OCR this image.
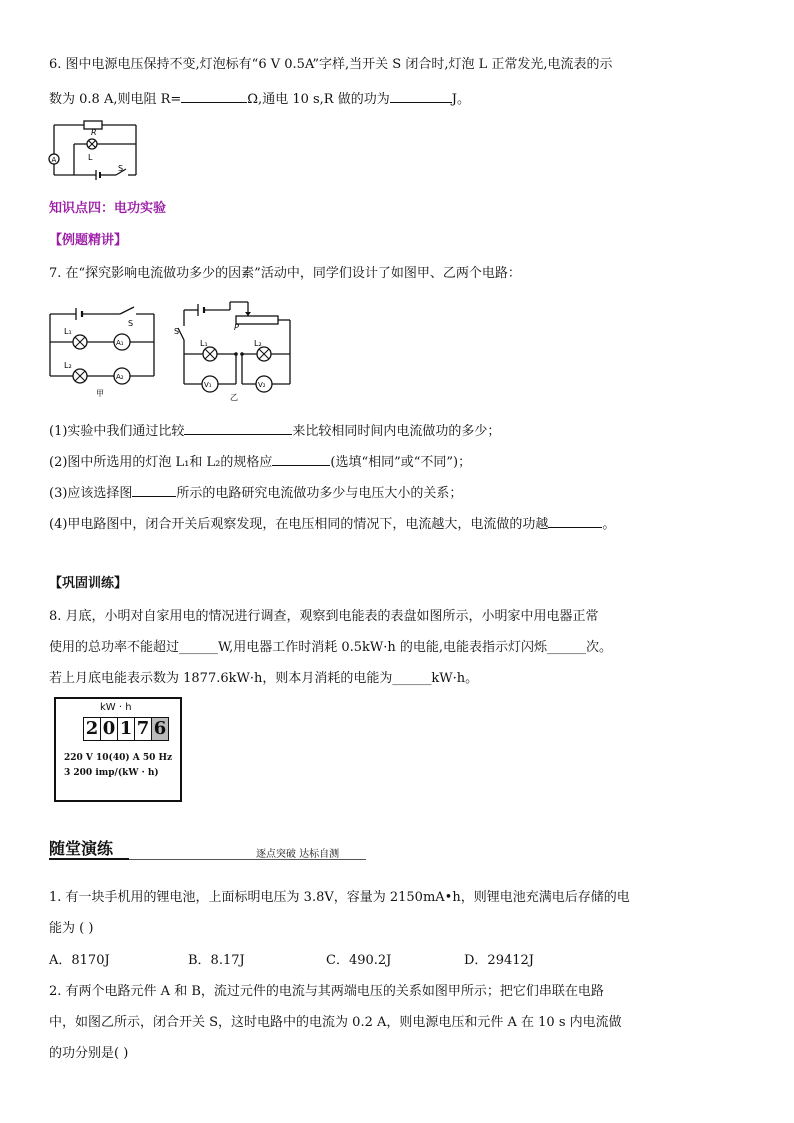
6. 图中电源电压保持不变,灯泡标有“6 V 0.5A”字样,当开关 S 闭合时,灯泡 L 正常发光,电流表的示
数为 0.8 A,则电阻 R=	Ω,通电 10 s,R 做的功为	J。
R
L
S
A
知识点四：电功实验
【例题精讲】
7. 在“探究影响电流做功多少的因素”活动中，同学们设计了如图甲、乙两个电路：
S
L₁
L₂
A₁
A₂
甲
S	P
L₁	L₂
V₁	V₂
乙
(1)实验中我们通过比较	来比较相同时间内电流做功的多少；
(2)图中所选用的灯泡 L₁和 L₂的规格应	(选填“相同”或“不同”)；
(3)应该选择图	所示的电路研究电流做功多少与电压大小的关系；
(4)甲电路图中，闭合开关后观察发现，在电压相同的情况下，电流越大，电流做的功越	。
【巩固训练】
8. 月底，小明对自家用电的情况进行调查，观察到电能表的表盘如图所示，小明家中用电器正常
使用的总功率不能超过______W,用电器工作时消耗 0.5kW·h 的电能,电能表指示灯闪烁______次。
若上月底电能表示数为 1877.6kW·h，则本月消耗的电能为______kW·h。
kW · h
2 0 1 7 6
220 V 10(40) A 50 Hz
3 200 imp/(kW · h)
随堂演练	逐点突破 达标自测
1. 有一块手机用的锂电池，上面标明电压为 3.8V，容量为 2150mA•h，则锂电池充满电后存储的电
能为 ( )
A．8170J	B．8.17J	C．490.2J	D．29412J
2. 有两个电路元件 A 和 B，流过元件的电流与其两端电压的关系如图甲所示；把它们串联在电路
中，如图乙所示，闭合开关 S，这时电路中的电流为 0.2 A，则电源电压和元件 A 在 10 s 内电流做
的功分别是( )
